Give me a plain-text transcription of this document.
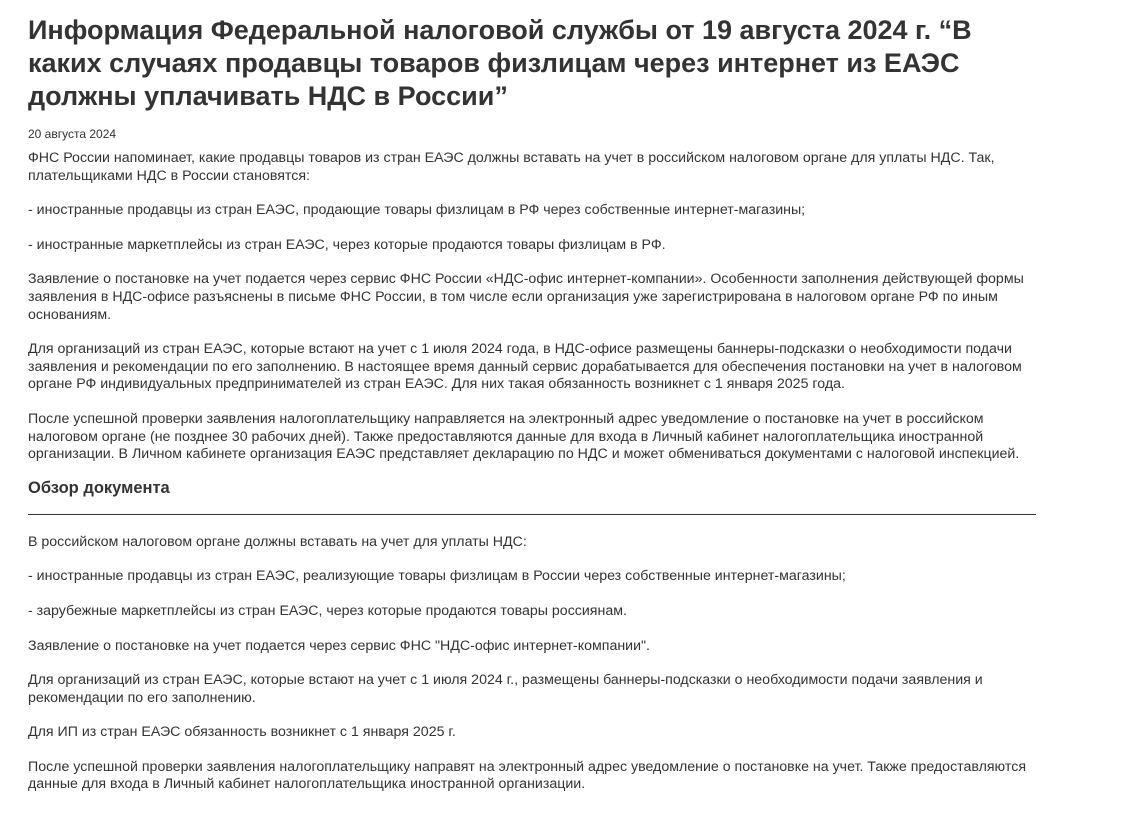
Информация Федеральной налоговой службы от 19 августа 2024 г. “В каких случаях продавцы товаров физлицам через интернет из ЕАЭС должны уплачивать НДС в России”
20 августа 2024

ФНС России напоминает, какие продавцы товаров из стран ЕАЭС должны вставать на учет в российском налоговом органе для уплаты НДС. Так, плательщиками НДС в России становятся:

- иностранные продавцы из стран ЕАЭС, продающие товары физлицам в РФ через собственные интернет-магазины;

- иностранные маркетплейсы из стран ЕАЭС, через которые продаются товары физлицам в РФ.

Заявление о постановке на учет подается через сервис ФНС России «НДС-офис интернет-компании». Особенности заполнения действующей формы заявления в НДС-офисе разъяснены в письме ФНС России, в том числе если организация уже зарегистрирована в налоговом органе РФ по иным основаниям.

Для организаций из стран ЕАЭС, которые встают на учет с 1 июля 2024 года, в НДС-офисе размещены баннеры-подсказки о необходимости подачи заявления и рекомендации по его заполнению. В настоящее время данный сервис дорабатывается для обеспечения постановки на учет в налоговом органе РФ индивидуальных предпринимателей из стран ЕАЭС. Для них такая обязанность возникнет с 1 января 2025 года.

После успешной проверки заявления налогоплательщику направляется на электронный адрес уведомление о постановке на учет в российском налоговом органе (не позднее 30 рабочих дней). Также предоставляются данные для входа в Личный кабинет налогоплательщика иностранной организации. В Личном кабинете организация ЕАЭС представляет декларацию по НДС и может обмениваться документами с налоговой инспекцией.

Обзор документа

В российском налоговом органе должны вставать на учет для уплаты НДС:

- иностранные продавцы из стран ЕАЭС, реализующие товары физлицам в России через собственные интернет-магазины;

- зарубежные маркетплейсы из стран ЕАЭС, через которые продаются товары россиянам.

Заявление о постановке на учет подается через сервис ФНС "НДС-офис интернет-компании".

Для организаций из стран ЕАЭС, которые встают на учет с 1 июля 2024 г., размещены баннеры-подсказки о необходимости подачи заявления и рекомендации по его заполнению.

Для ИП из стран ЕАЭС обязанность возникнет с 1 января 2025 г.

После успешной проверки заявления налогоплательщику направят на электронный адрес уведомление о постановке на учет. Также предоставляются данные для входа в Личный кабинет налогоплательщика иностранной организации.
